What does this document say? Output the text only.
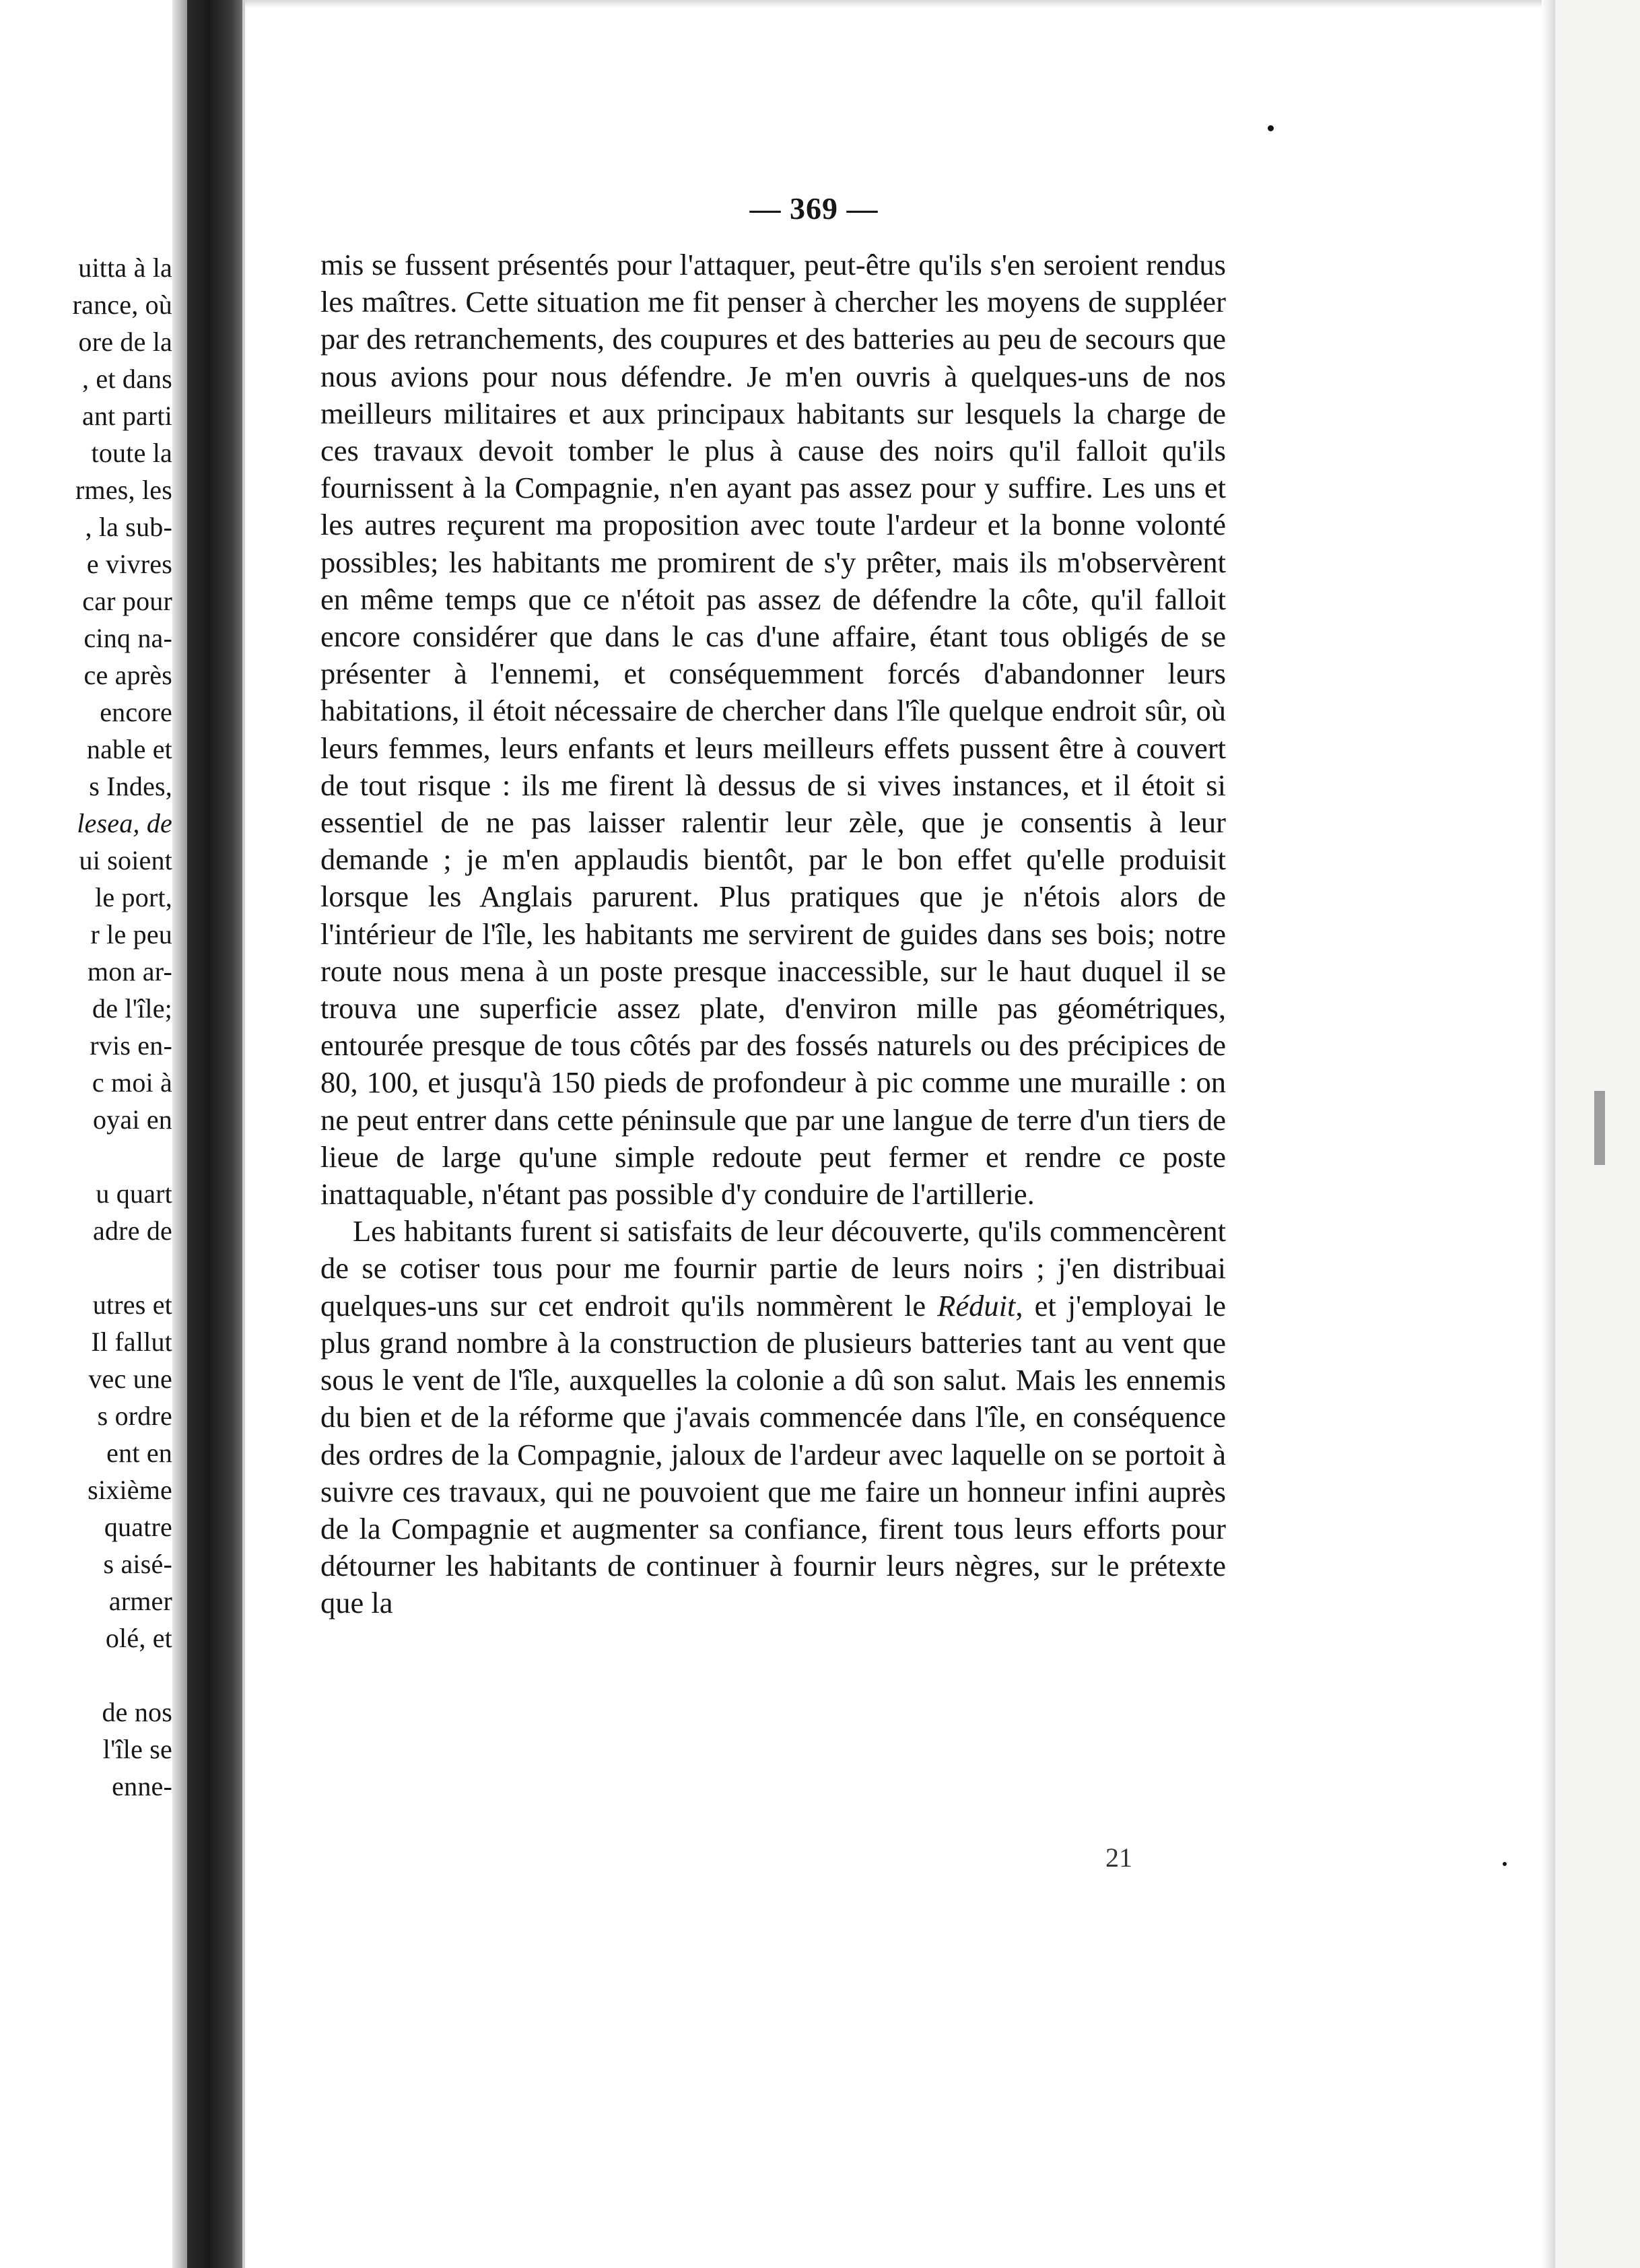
uitta à la
rance, où
ore de la
, et dans
ant parti
toute la
rmes, les
, la sub-
e vivres
car pour
cinq na-
ce après
encore
nable et
s Indes,
lesea, de
ui soient
le port,
r le peu
mon ar-
de l'île;
rvis en-
c moi à
oyai en
u quart
adre de
utres et
Il fallut
vec une
s ordre
ent en
sixième
quatre
s aisé-
armer
olé, et
de nos
l'île se
enne-
— 369 —

mis se fussent présentés pour l'attaquer, peut-être qu'ils s'en seroient rendus les maîtres. Cette situation me fit penser à chercher les moyens de suppléer par des retranchements, des coupures et des batteries au peu de secours que nous avions pour nous défendre. Je m'en ouvris à quelques-uns de nos meilleurs militaires et aux principaux habitants sur lesquels la charge de ces travaux devoit tomber le plus à cause des noirs qu'il falloit qu'ils fournissent à la Compagnie, n'en ayant pas assez pour y suffire. Les uns et les autres reçurent ma proposition avec toute l'ardeur et la bonne volonté possibles; les habitants me promirent de s'y prêter, mais ils m'observèrent en même temps que ce n'étoit pas assez de défendre la côte, qu'il falloit encore considérer que dans le cas d'une affaire, étant tous obligés de se présenter à l'ennemi, et conséquemment forcés d'abandonner leurs habitations, il étoit nécessaire de chercher dans l'île quelque endroit sûr, où leurs femmes, leurs enfants et leurs meilleurs effets pussent être à couvert de tout risque : ils me firent là dessus de si vives instances, et il étoit si essentiel de ne pas laisser ralentir leur zèle, que je consentis à leur demande ; je m'en applaudis bientôt, par le bon effet qu'elle produisit lorsque les Anglais parurent. Plus pratiques que je n'étois alors de l'intérieur de l'île, les habitants me servirent de guides dans ses bois; notre route nous mena à un poste presque inaccessible, sur le haut duquel il se trouva une superficie assez plate, d'environ mille pas géométriques, entourée presque de tous côtés par des fossés naturels ou des précipices de 80, 100, et jusqu'à 150 pieds de profondeur à pic comme une muraille : on ne peut entrer dans cette péninsule que par une langue de terre d'un tiers de lieue de large qu'une simple redoute peut fermer et rendre ce poste inattaquable, n'étant pas possible d'y conduire de l'artillerie.

Les habitants furent si satisfaits de leur découverte, qu'ils commencèrent de se cotiser tous pour me fournir partie de leurs noirs ; j'en distribuai quelques-uns sur cet endroit qu'ils nommèrent le Réduit, et j'employai le plus grand nombre à la construction de plusieurs batteries tant au vent que sous le vent de l'île, auxquelles la colonie a dû son salut. Mais les ennemis du bien et de la réforme que j'avais commencée dans l'île, en conséquence des ordres de la Compagnie, jaloux de l'ardeur avec laquelle on se portoit à suivre ces travaux, qui ne pouvoient que me faire un honneur infini auprès de la Compagnie et augmenter sa confiance, firent tous leurs efforts pour détourner les habitants de continuer à fournir leurs nègres, sur le prétexte que la

21
